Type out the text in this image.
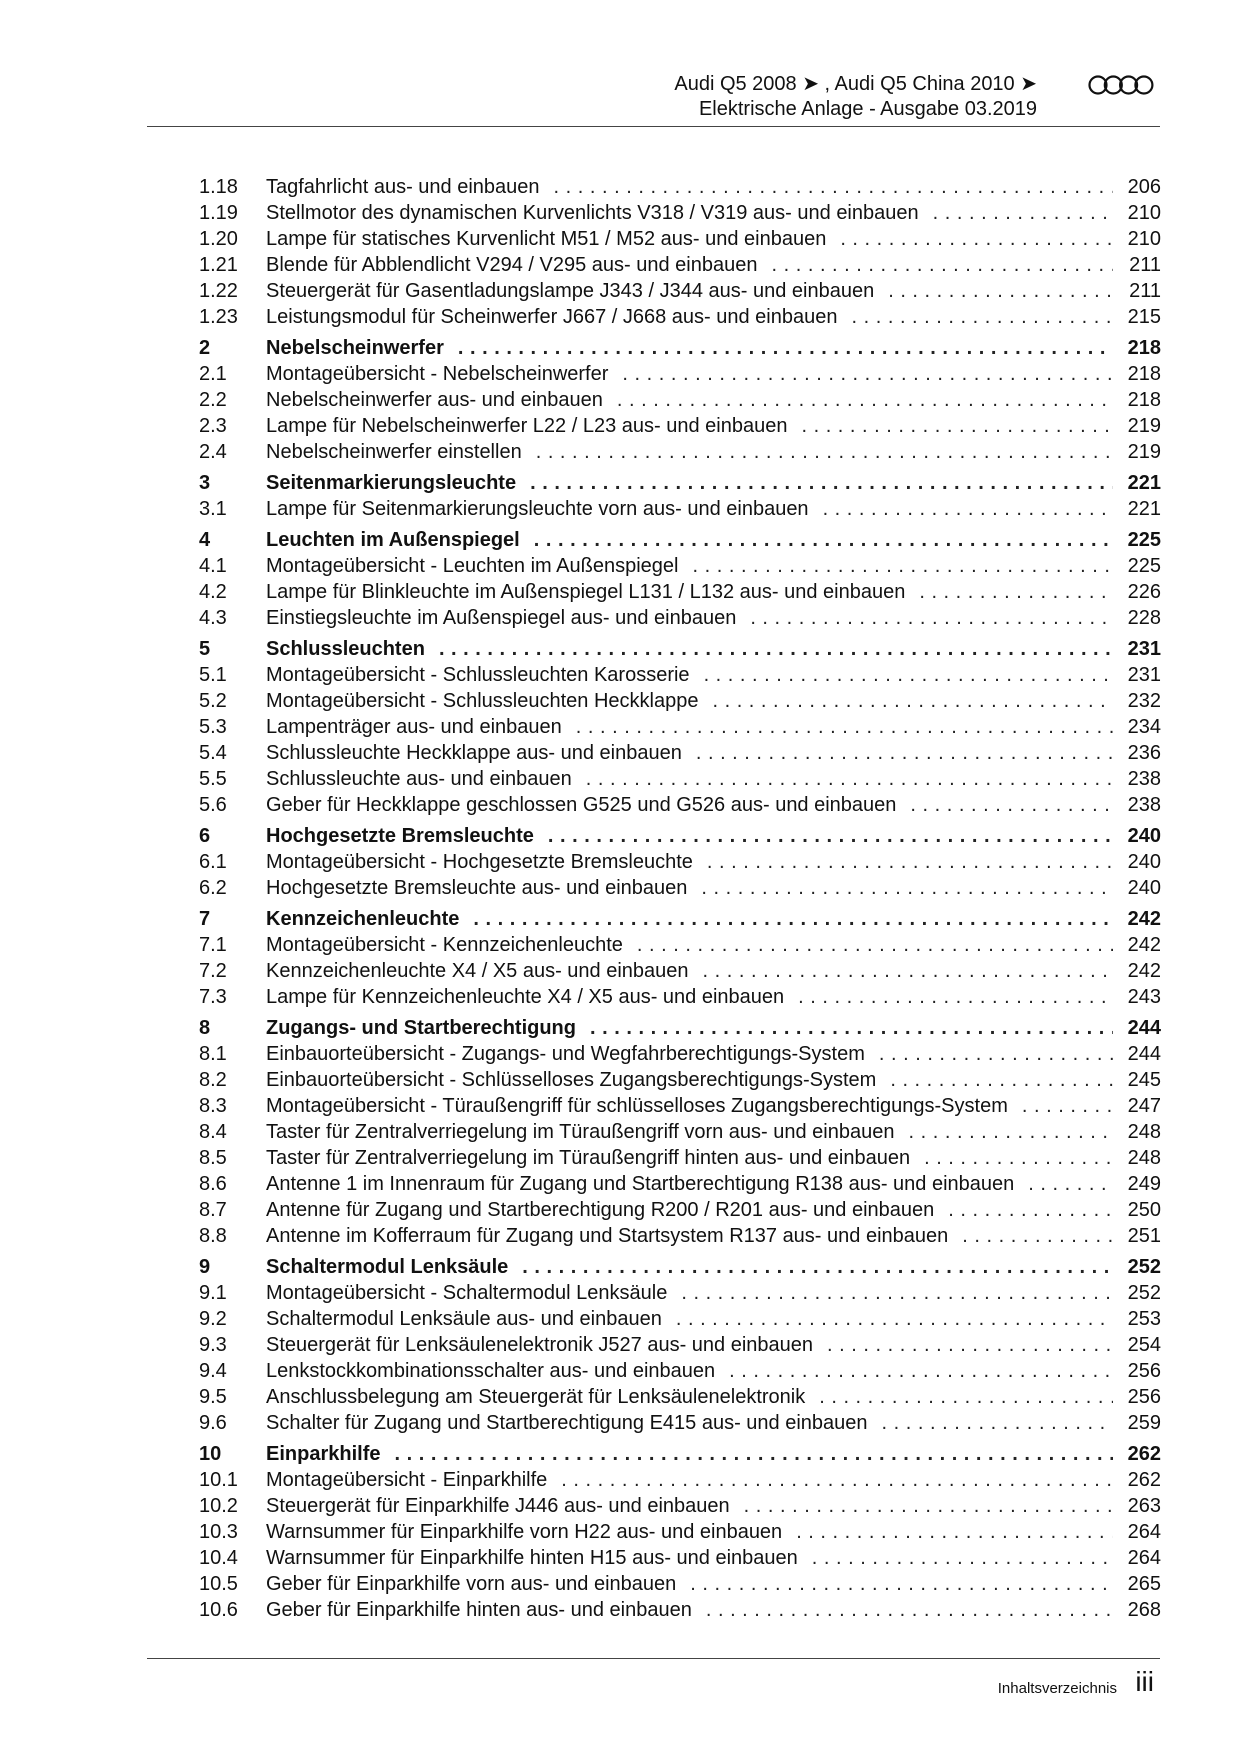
Audi Q5 2008 ➤ , Audi Q5 China 2010 ➤
Elektrische Anlage - Ausgabe 03.2019
1.18	Tagfahrlicht aus- und einbauen . . .	206
1.19	Stellmotor des dynamischen Kurvenlichts V318 / V319 aus- und einbauen . . .	210
1.20	Lampe für statisches Kurvenlicht M51 / M52 aus- und einbauen . . .	210
1.21	Blende für Abblendlicht V294 / V295 aus- und einbauen . . .	211
1.22	Steuergerät für Gasentladungslampe J343 / J344 aus- und einbauen . . .	211
1.23	Leistungsmodul für Scheinwerfer J667 / J668 aus- und einbauen . . .	215
2	Nebelscheinwerfer . . .	218
2.1	Montageübersicht - Nebelscheinwerfer . . .	218
2.2	Nebelscheinwerfer aus- und einbauen . . .	218
2.3	Lampe für Nebelscheinwerfer L22 / L23 aus- und einbauen . . .	219
2.4	Nebelscheinwerfer einstellen . . .	219
3	Seitenmarkierungsleuchte . . .	221
3.1	Lampe für Seitenmarkierungsleuchte vorn aus- und einbauen . . .	221
4	Leuchten im Außenspiegel . . .	225
4.1	Montageübersicht - Leuchten im Außenspiegel . . .	225
4.2	Lampe für Blinkleuchte im Außenspiegel L131 / L132 aus- und einbauen . . .	226
4.3	Einstiegsleuchte im Außenspiegel aus- und einbauen . . .	228
5	Schlussleuchten . . .	231
5.1	Montageübersicht - Schlussleuchten Karosserie . . .	231
5.2	Montageübersicht - Schlussleuchten Heckklappe . . .	232
5.3	Lampenträger aus- und einbauen . . .	234
5.4	Schlussleuchte Heckklappe aus- und einbauen . . .	236
5.5	Schlussleuchte aus- und einbauen . . .	238
5.6	Geber für Heckklappe geschlossen G525 und G526 aus- und einbauen . . .	238
6	Hochgesetzte Bremsleuchte . . .	240
6.1	Montageübersicht - Hochgesetzte Bremsleuchte . . .	240
6.2	Hochgesetzte Bremsleuchte aus- und einbauen . . .	240
7	Kennzeichenleuchte . . .	242
7.1	Montageübersicht - Kennzeichenleuchte . . .	242
7.2	Kennzeichenleuchte X4 / X5 aus- und einbauen . . .	242
7.3	Lampe für Kennzeichenleuchte X4 / X5 aus- und einbauen . . .	243
8	Zugangs- und Startberechtigung . . .	244
8.1	Einbauorteübersicht - Zugangs- und Wegfahrberechtigungs-System . . .	244
8.2	Einbauorteübersicht - Schlüsselloses Zugangsberechtigungs-System . . .	245
8.3	Montageübersicht - Türaußengriff für schlüsselloses Zugangsberechtigungs-System . . .	247
8.4	Taster für Zentralverriegelung im Türaußengriff vorn aus- und einbauen . . .	248
8.5	Taster für Zentralverriegelung im Türaußengriff hinten aus- und einbauen . . .	248
8.6	Antenne 1 im Innenraum für Zugang und Startberechtigung R138 aus- und einbauen . . .	249
8.7	Antenne für Zugang und Startberechtigung R200 / R201 aus- und einbauen . . .	250
8.8	Antenne im Kofferraum für Zugang und Startsystem R137 aus- und einbauen . . .	251
9	Schaltermodul Lenksäule . . .	252
9.1	Montageübersicht - Schaltermodul Lenksäule . . .	252
9.2	Schaltermodul Lenksäule aus- und einbauen . . .	253
9.3	Steuergerät für Lenksäulenelektronik J527 aus- und einbauen . . .	254
9.4	Lenkstockkombinationsschalter aus- und einbauen . . .	256
9.5	Anschlussbelegung am Steuergerät für Lenksäulenelektronik . . .	256
9.6	Schalter für Zugang und Startberechtigung E415 aus- und einbauen . . .	259
10	Einparkhilfe . . .	262
10.1	Montageübersicht - Einparkhilfe . . .	262
10.2	Steuergerät für Einparkhilfe J446 aus- und einbauen . . .	263
10.3	Warnsummer für Einparkhilfe vorn H22 aus- und einbauen . . .	264
10.4	Warnsummer für Einparkhilfe hinten H15 aus- und einbauen . . .	264
10.5	Geber für Einparkhilfe vorn aus- und einbauen . . .	265
10.6	Geber für Einparkhilfe hinten aus- und einbauen . . .	268
Inhaltsverzeichnis iii
